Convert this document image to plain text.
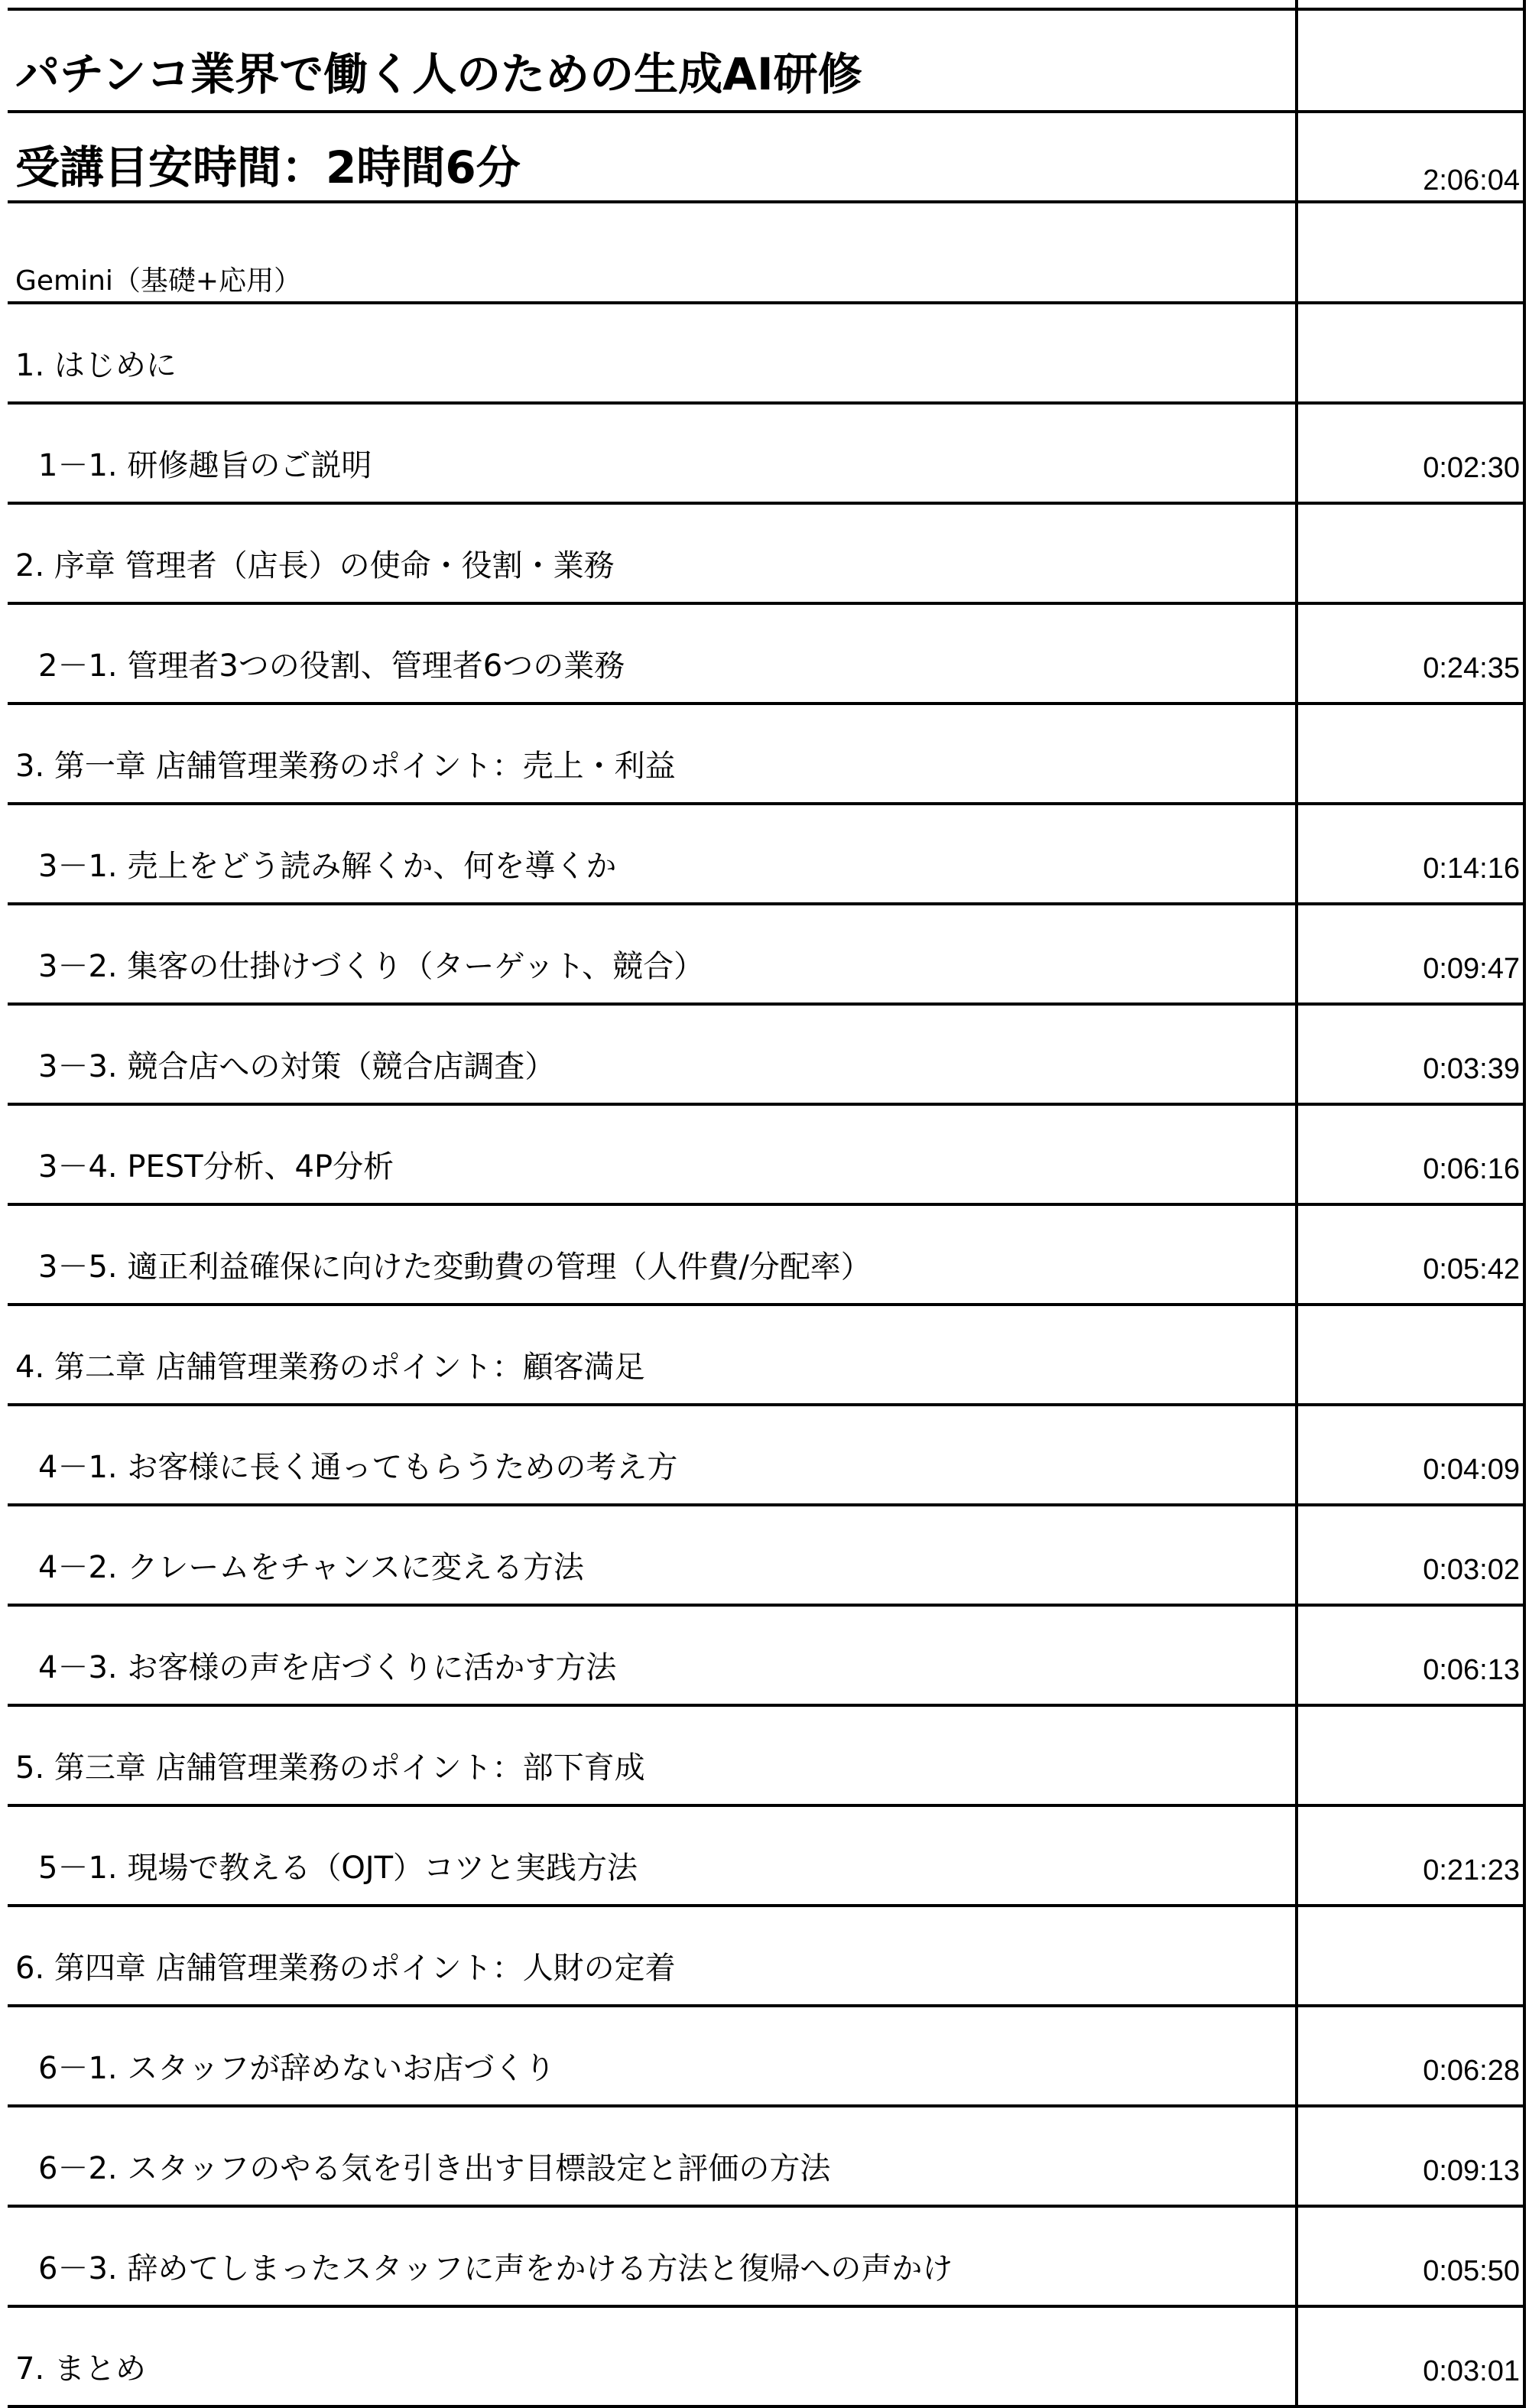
パチンコ業界で働く人のための生成AI研修	
受講目安時間：2時間6分	2:06:04
Gemini（基礎+応用）	
1. はじめに	
1－1. 研修趣旨のご説明	0:02:30
2. 序章 管理者（店長）の使命・役割・業務	
2－1. 管理者3つの役割、管理者6つの業務	0:24:35
3. 第一章 店舗管理業務のポイント：売上・利益	
3－1. 売上をどう読み解くか、何を導くか	0:14:16
3－2. 集客の仕掛けづくり（ターゲット、競合）	0:09:47
3－3. 競合店への対策（競合店調査）	0:03:39
3－4. PEST分析、4P分析	0:06:16
3－5. 適正利益確保に向けた変動費の管理（人件費/分配率）	0:05:42
4. 第二章 店舗管理業務のポイント：顧客満足	
4－1. お客様に長く通ってもらうための考え方	0:04:09
4－2. クレームをチャンスに変える方法	0:03:02
4－3. お客様の声を店づくりに活かす方法	0:06:13
5. 第三章 店舗管理業務のポイント：部下育成	
5－1. 現場で教える（OJT）コツと実践方法	0:21:23
6. 第四章 店舗管理業務のポイント：人財の定着	
6－1. スタッフが辞めないお店づくり	0:06:28
6－2. スタッフのやる気を引き出す目標設定と評価の方法	0:09:13
6－3. 辞めてしまったスタッフに声をかける方法と復帰への声かけ	0:05:50
7. まとめ	0:03:01
